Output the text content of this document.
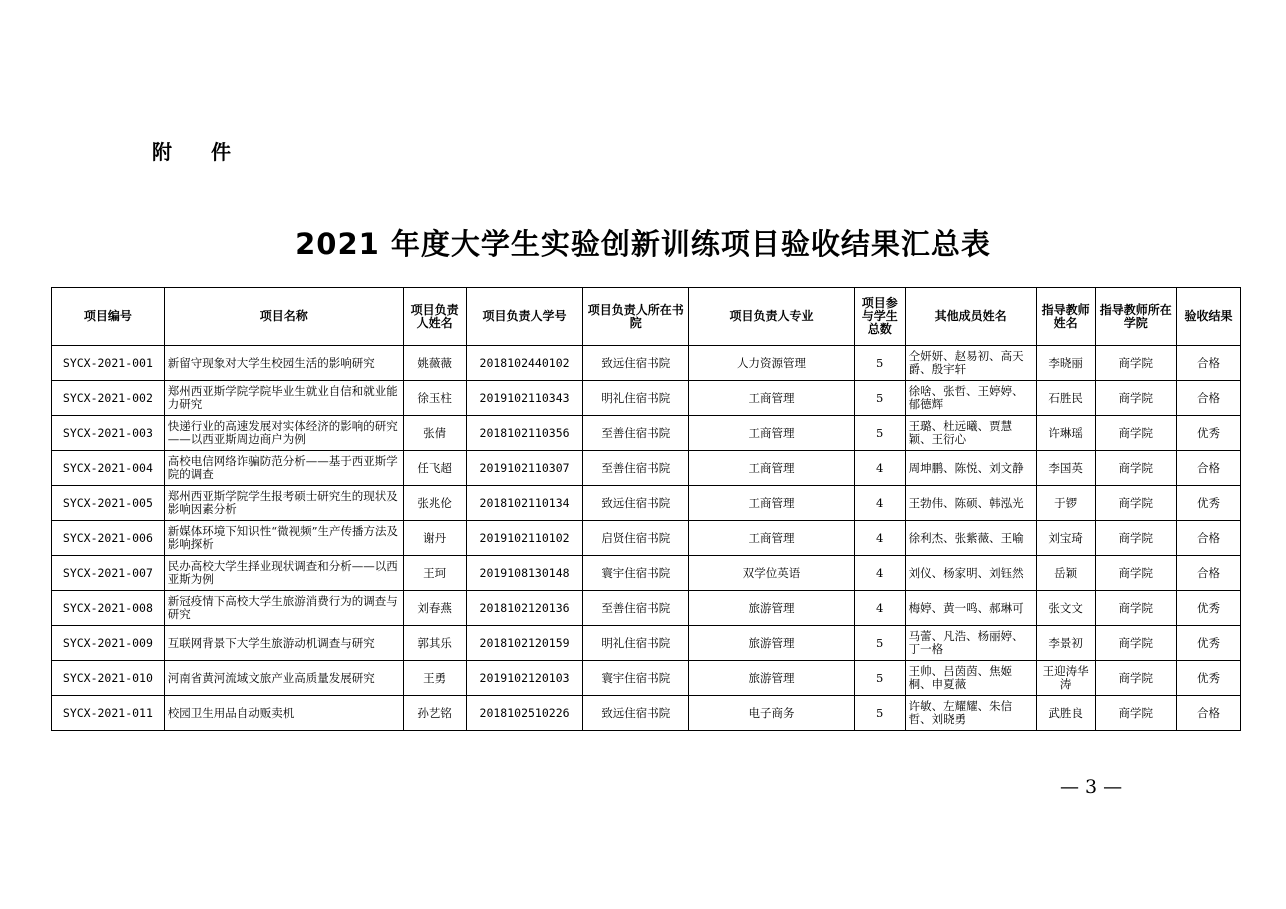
附 件
2021 年度大学生实验创新训练项目验收结果汇总表
项目编号	项目名称	项目负责人姓名	项目负责人学号	项目负责人所在书院	项目负责人专业	项目参与学生总数	其他成员姓名	指导教师姓名	指导教师所在学院	验收结果
SYCX-2021-001	新留守现象对大学生校园生活的影响研究	姚薇薇	2018102440102	致远住宿书院	人力资源管理	5	仝妍妍、赵易初、高天爵、殷宇轩	李晓丽	商学院	合格
SYCX-2021-002	郑州西亚斯学院学院毕业生就业自信和就业能力研究	徐玉柱	2019102110343	明礼住宿书院	工商管理	5	徐啥、张哲、王婷婷、郁德辉	石胜民	商学院	合格
SYCX-2021-003	快递行业的高速发展对实体经济的影响的研究——以西亚斯周边商户为例	张倩	2018102110356	至善住宿书院	工商管理	5	王璐、杜远曦、贾慧颖、王衍心	许琳瑶	商学院	优秀
SYCX-2021-004	高校电信网络诈骗防范分析——基于西亚斯学院的调查	任飞超	2019102110307	至善住宿书院	工商管理	4	周坤鹏、陈悦、刘文静	李国英	商学院	合格
SYCX-2021-005	郑州西亚斯学院学生报考硕士研究生的现状及影响因素分析	张兆伦	2018102110134	致远住宿书院	工商管理	4	王勃伟、陈硕、韩泓光	于锣	商学院	优秀
SYCX-2021-006	新媒体环境下知识性“微视频”生产传播方法及影响探析	谢丹	2019102110102	启贤住宿书院	工商管理	4	徐利杰、张紫薇、王喻	刘宝琦	商学院	合格
SYCX-2021-007	民办高校大学生择业现状调查和分析——以西亚斯为例	王珂	2019108130148	寰宇住宿书院	双学位英语	4	刘仪、杨家明、刘钰然	岳颖	商学院	合格
SYCX-2021-008	新冠疫情下高校大学生旅游消费行为的调查与研究	刘春燕	2018102120136	至善住宿书院	旅游管理	4	梅婷、黄一鸣、郝琳可	张文文	商学院	优秀
SYCX-2021-009	互联网背景下大学生旅游动机调查与研究	郭其乐	2018102120159	明礼住宿书院	旅游管理	5	马蕾、凡浩、杨丽婷、丁一格	李景初	商学院	优秀
SYCX-2021-010	河南省黄河流域文旅产业高质量发展研究	王勇	2019102120103	寰宇住宿书院	旅游管理	5	王帅、吕茵茵、焦姬桐、申夏薇	王迎涛华涛	商学院	优秀
SYCX-2021-011	校园卫生用品自动贩卖机	孙艺铭	2018102510226	致远住宿书院	电子商务	5	许敏、左耀耀、朱信哲、刘晓勇	武胜良	商学院	合格
— 3 —
